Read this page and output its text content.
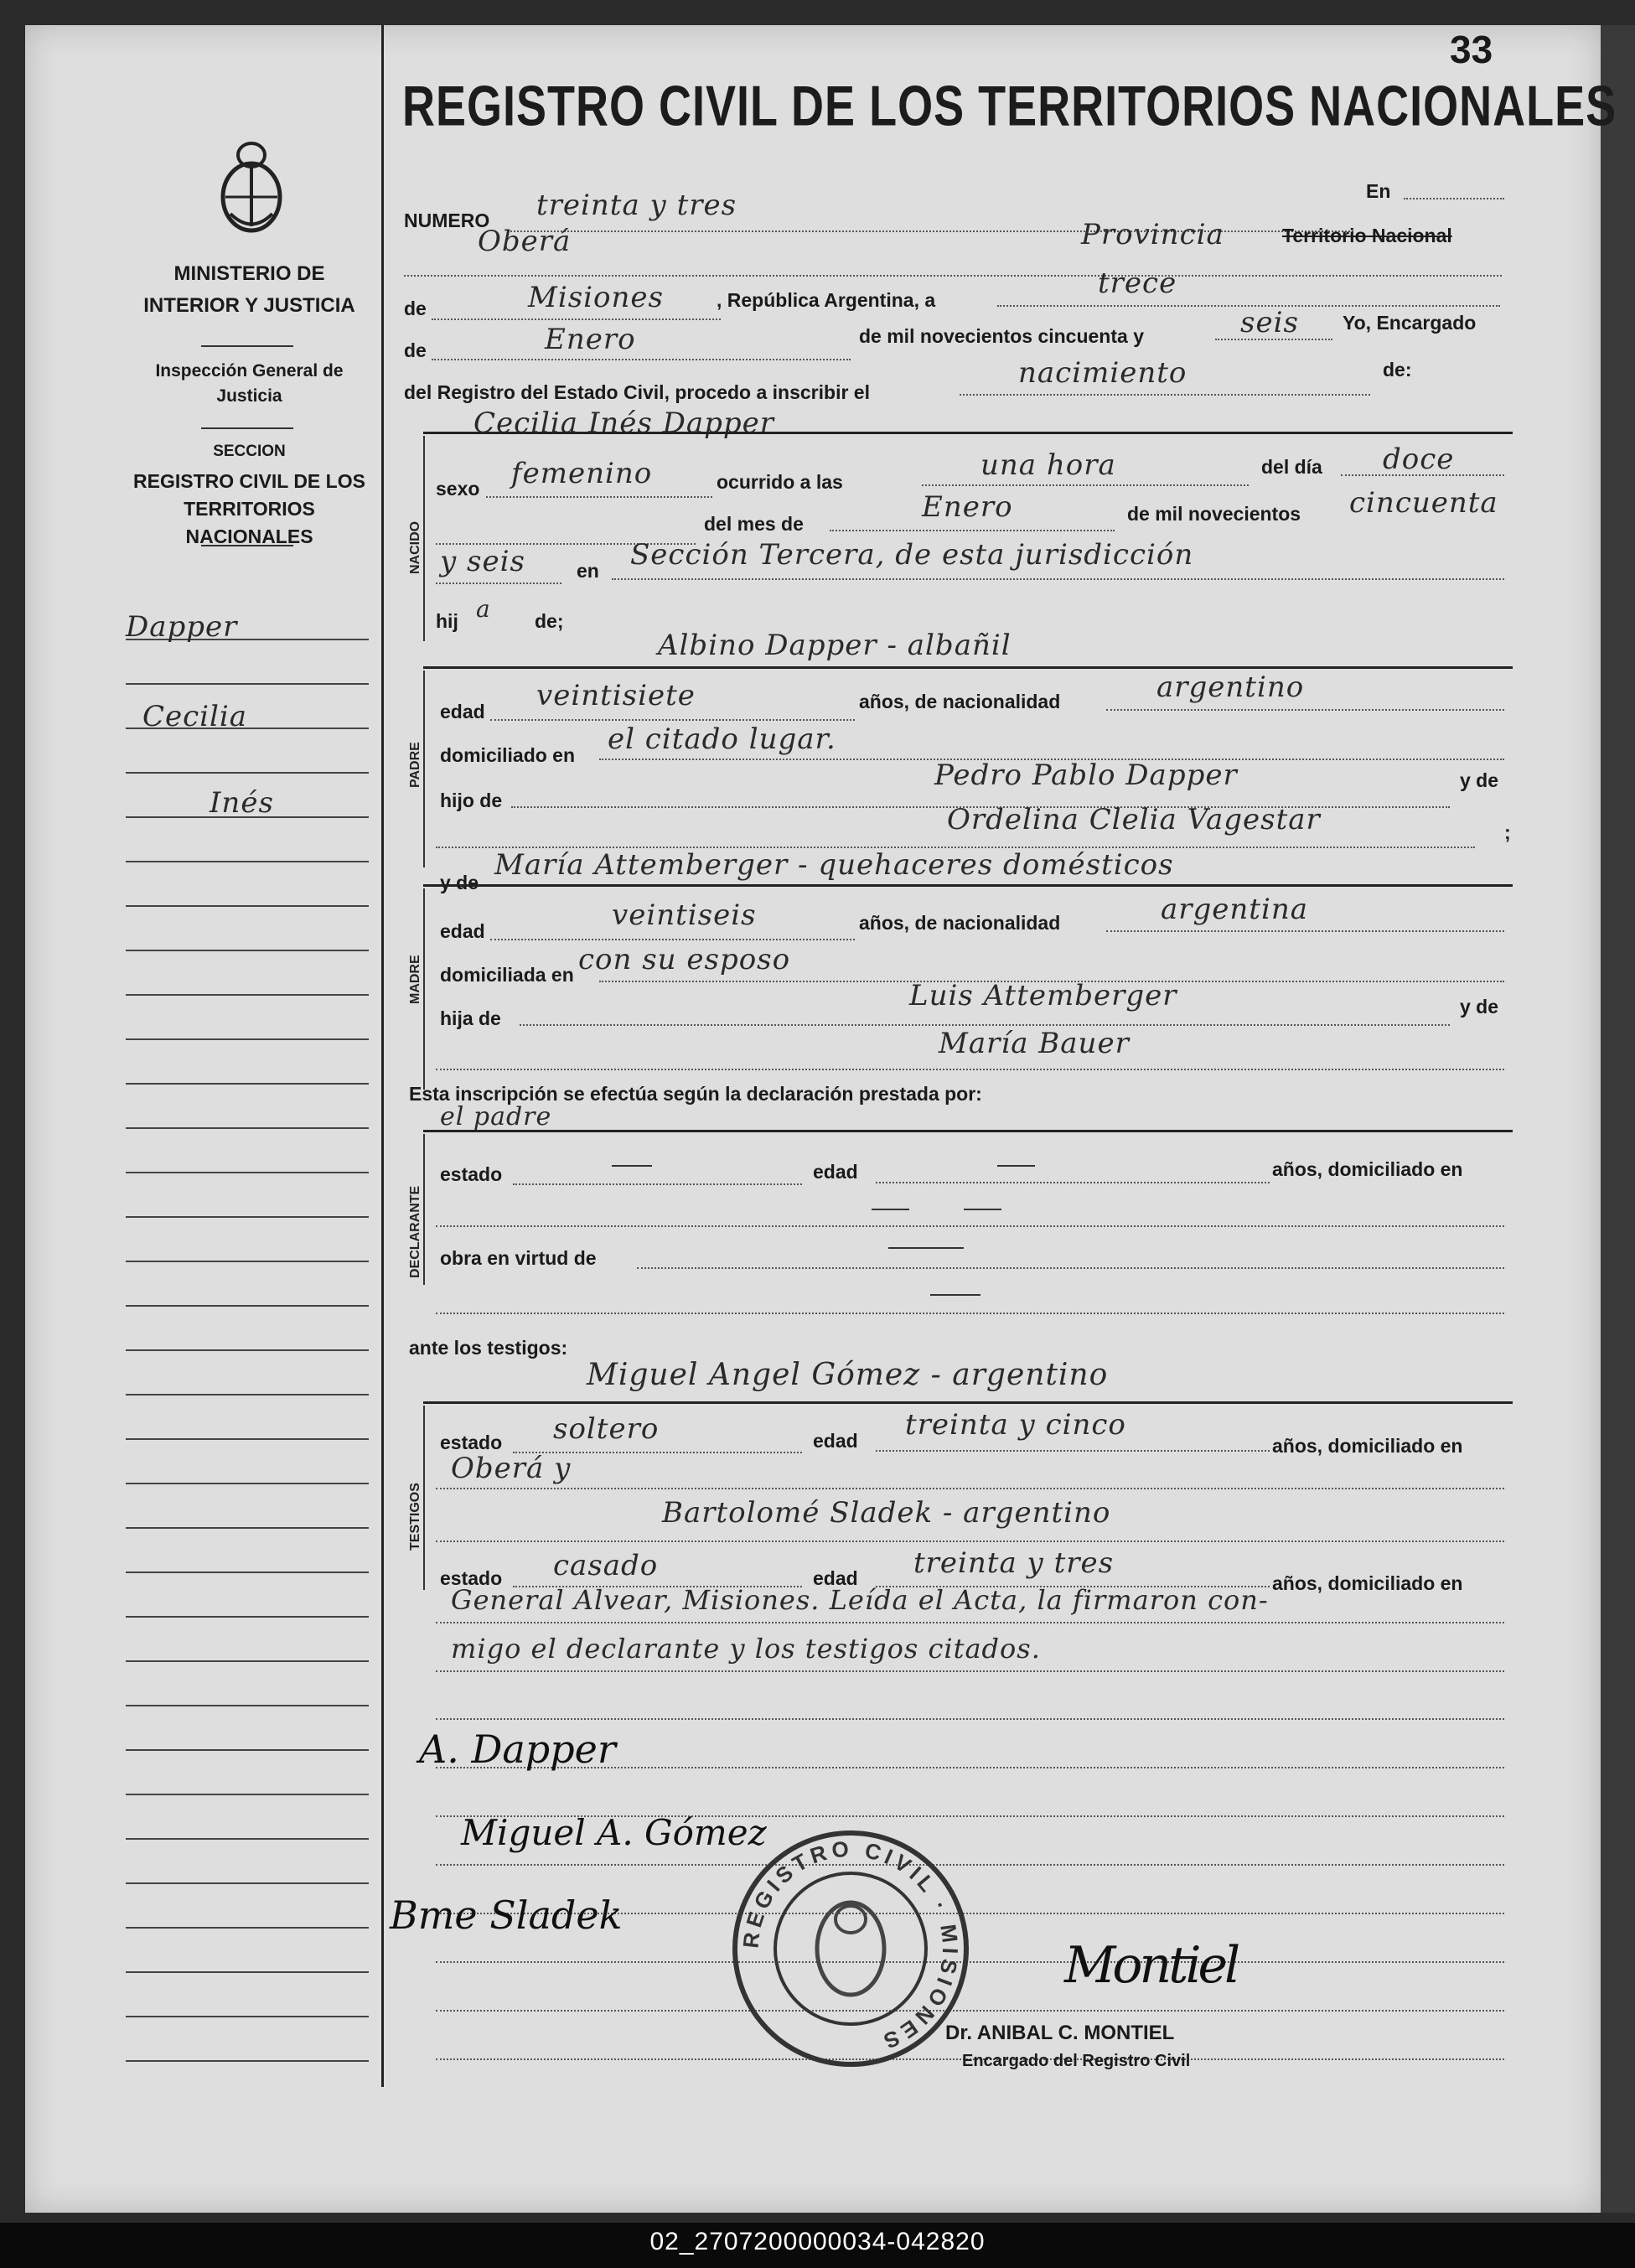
33
REGISTRO CIVIL DE LOS TERRITORIOS NACIONALES
MINISTERIO DE INTERIOR Y JUSTICIA
Inspección General de Justicia
SECCION
REGISTRO CIVIL DE LOS TERRITORIOS NACIONALES
Dapper
Cecilia
Inés
NUMERO treinta y tres	En
Oberá	Provincia	Territorio Nacional
de	Misiones	, República Argentina, a	trece
de	Enero	de mil novecientos cincuenta y	seis Yo, Encargado
del Registro del Estado Civil, procedo a inscribir el
nacimiento	de:
Cecilia Inés Dapper
NACIDO
sexo femenino	ocurrido a las	una hora	del día doce
del mes de	Enero	de mil novecientos cincuenta
y seis	en Sección Tercera, de esta jurisdicción
hij a de;
Albino Dapper - albañil
PADRE
edad veintisiete	años, de nacionalidad	argentino
domiciliado en el citado lugar.
hijo de
Pedro Pablo Dapper	y de
Ordelina Clelia Vagestar	;
y de
María Attemberger - quehaceres domésticos
MADRE
edad	veintiseis	años, de nacionalidad	argentina
domiciliada en con su esposo
hija de
Luis Attemberger	y de
María Bauer
Esta inscripción se efectúa según la declaración prestada por:
el padre
DECLARANTE
estado	edad	años, domiciliado en
obra en virtud de
ante los testigos:
Miguel Angel Gómez - argentino
TESTIGOS
estado soltero	edad treinta y cinco
años, domiciliado en
Oberá y
Bartolomé Sladek - argentino
estado casado	edad treinta y tres
años, domiciliado en
General Alvear, Misiones. Leída el Acta, la firmaron con-
migo el declarante y los testigos citados.
A. Dapper
Miguel A. Gómez
Bme Sladek
REGISTRO CIVIL · MISIONES
Montiel
Dr. ANIBAL C. MONTIEL
Encargado del Registro Civil
02_2707200000034-042820
